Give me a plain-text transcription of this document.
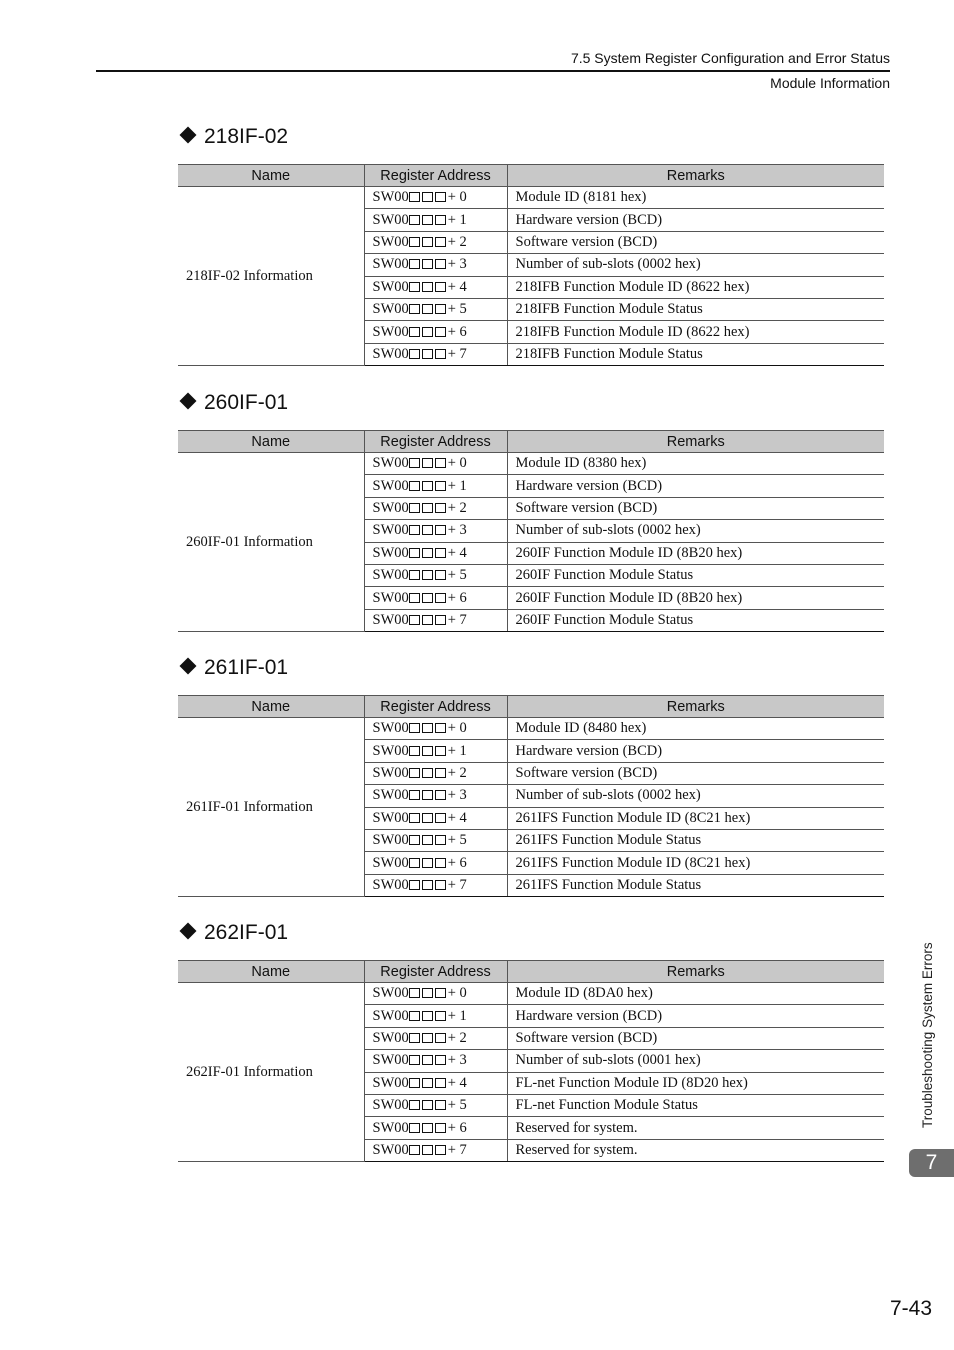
7.5 System Register Configuration and Error Status
Module Information
218IF-02
Name	Register Address	Remarks
218IF-02 Information	SW00 + 0	Module ID (8181 hex)
	SW00 + 1	Hardware version (BCD)
	SW00 + 2	Software version (BCD)
	SW00 + 3	Number of sub-slots (0002 hex)
	SW00 + 4	218IFB Function Module ID (8622 hex)
	SW00 + 5	218IFB Function Module Status
	SW00 + 6	218IFB Function Module ID (8622 hex)
	SW00 + 7	218IFB Function Module Status
260IF-01
Name	Register Address	Remarks
260IF-01 Information	SW00 + 0	Module ID (8380 hex)
	SW00 + 1	Hardware version (BCD)
	SW00 + 2	Software version (BCD)
	SW00 + 3	Number of sub-slots (0002 hex)
	SW00 + 4	260IF Function Module ID (8B20 hex)
	SW00 + 5	260IF Function Module Status
	SW00 + 6	260IF Function Module ID (8B20 hex)
	SW00 + 7	260IF Function Module Status
261IF-01
Name	Register Address	Remarks
261IF-01 Information	SW00 + 0	Module ID (8480 hex)
	SW00 + 1	Hardware version (BCD)
	SW00 + 2	Software version (BCD)
	SW00 + 3	Number of sub-slots (0002 hex)
	SW00 + 4	261IFS Function Module ID (8C21 hex)
	SW00 + 5	261IFS Function Module Status
	SW00 + 6	261IFS Function Module ID (8C21 hex)
	SW00 + 7	261IFS Function Module Status
262IF-01
Name	Register Address	Remarks
262IF-01 Information	SW00 + 0	Module ID (8DA0 hex)
	SW00 + 1	Hardware version (BCD)
	SW00 + 2	Software version (BCD)
	SW00 + 3	Number of sub-slots (0001 hex)
	SW00 + 4	FL-net Function Module ID (8D20 hex)
	SW00 + 5	FL-net Function Module Status
	SW00 + 6	Reserved for system.
	SW00 + 7	Reserved for system.
Troubleshooting System Errors
7
7-43
